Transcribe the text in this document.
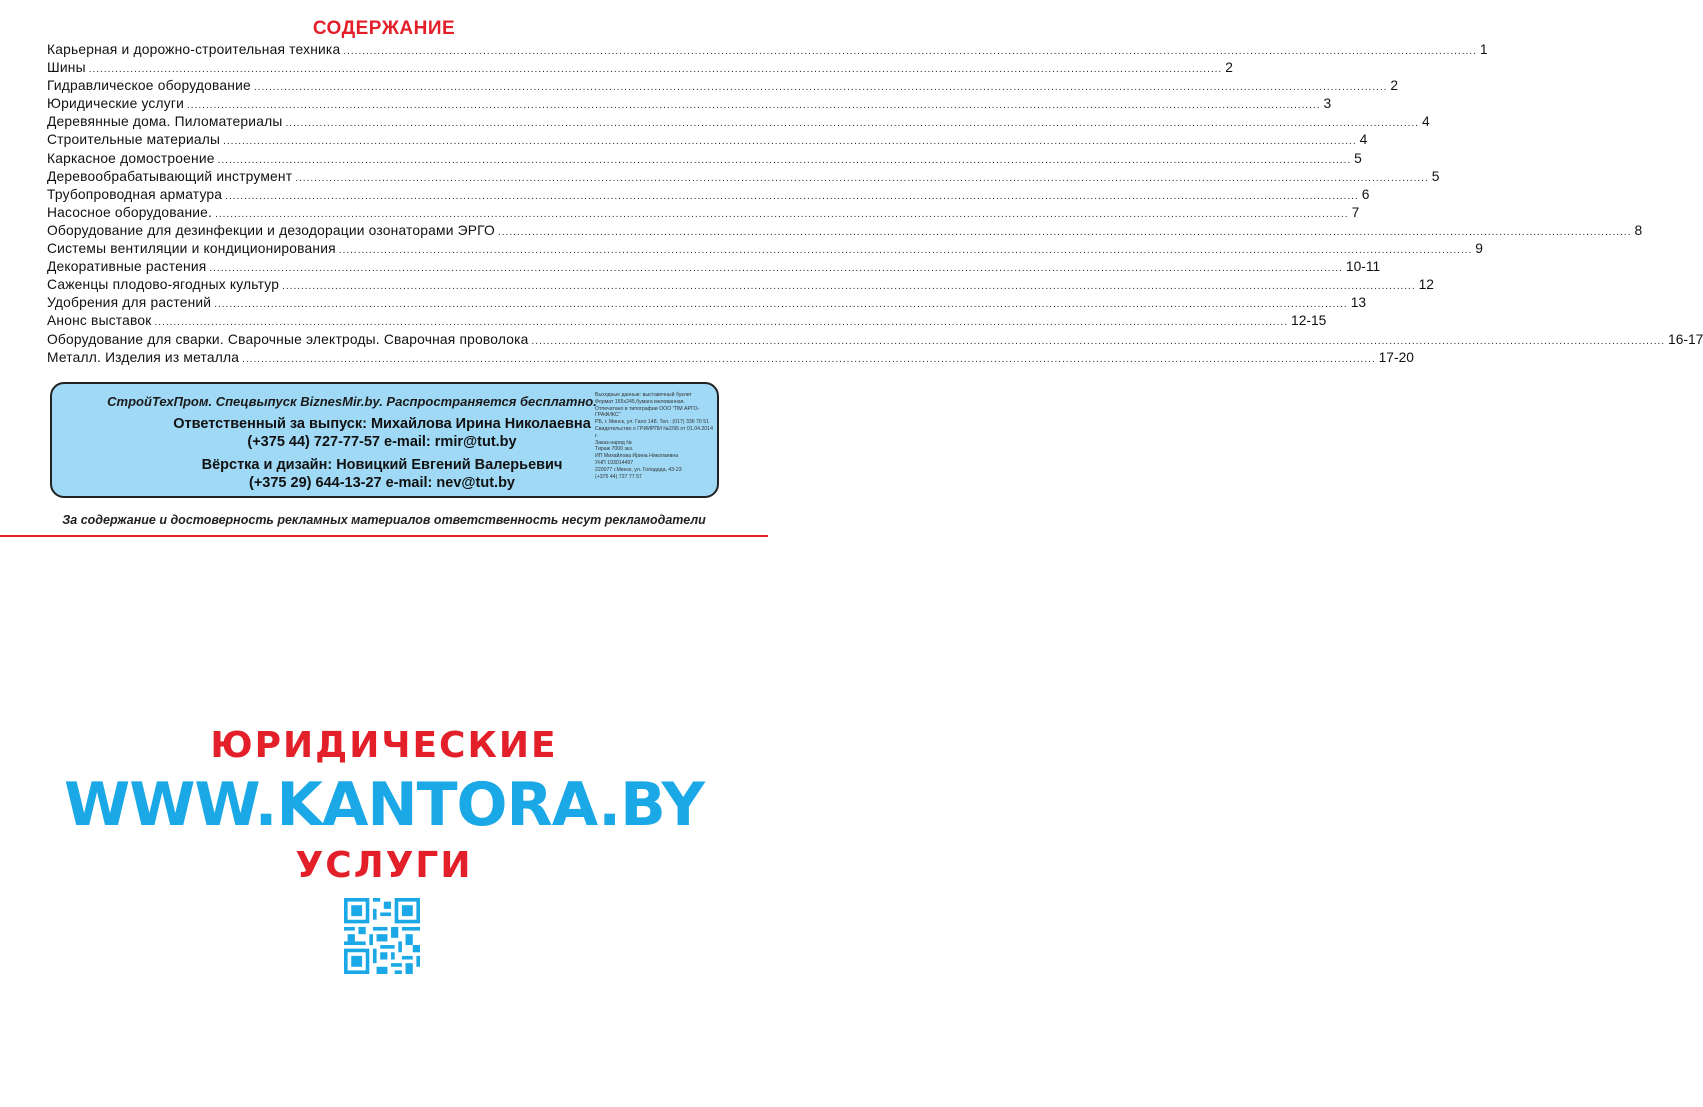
СОДЕРЖАНИЕ
Карьерная и дорожно-строительная техника ............................................................................................................................................................................................................................................................................................................ 1
Шины ............................................................................................................................................................................................................................................................................................................ 2
Гидравлическое оборудование ............................................................................................................................................................................................................................................................................................................ 2
Юридические услуги ............................................................................................................................................................................................................................................................................................................ 3
Деревянные дома. Пиломатериалы ............................................................................................................................................................................................................................................................................................................ 4
Строительные материалы ............................................................................................................................................................................................................................................................................................................ 4
Каркасное домостроение ............................................................................................................................................................................................................................................................................................................ 5
Деревообрабатывающий инструмент ............................................................................................................................................................................................................................................................................................................ 5
Трубопроводная арматура ............................................................................................................................................................................................................................................................................................................ 6
Насосное оборудование. ............................................................................................................................................................................................................................................................................................................ 7
Оборудование для дезинфекции и дезодорации озонаторами ЭРГО ............................................................................................................................................................................................................................................................................................................ 8
Системы вентиляции и кондиционирования ............................................................................................................................................................................................................................................................................................................ 9
Декоративные растения ............................................................................................................................................................................................................................................................................................................ 10-11
Саженцы плодово-ягодных культур ............................................................................................................................................................................................................................................................................................................ 12
Удобрения для растений ............................................................................................................................................................................................................................................................................................................ 13
Анонс выставок ............................................................................................................................................................................................................................................................................................................ 12-15
Оборудование для сварки. Сварочные электроды. Сварочная проволока ............................................................................................................................................................................................................................................................................................................ 16-17
Металл. Изделия из металла ............................................................................................................................................................................................................................................................................................................ 17-20
СтройТехПром. Спецвыпуск BiznesMir.by. Распространяется бесплатно.
Ответственный за выпуск: Михайлова Ирина Николаевна
(+375 44) 727-77-57 e-mail: rmir@tut.by
Вёрстка и дизайн: Новицкий Евгений Валерьевич
(+375 29) 644-13-27 e-mail: nev@tut.by
Выходные данные: выставочный буклет
Формат 165x245,бумага мелованная.
Отпечатано в типографии ООО "ПМ АРГО-ГРАФИКС"
РБ, г. Минск, ул. Гало 148. Тел.: (017) 336 70 51
Свидетельство о ГРИИРПИ №2/95 от 01.04.2014 г.
Заказ-наряд №
Тираж 7000 экз.
ИП Михайлова Ирина Николаевна
УНП 193014497
220077 г.Минск, ул. Голодеда, 43-23
(+375 44) 727 77 57
За содержание и достоверность рекламных материалов ответственность несут рекламодатели
ЮРИДИЧЕСКИЕ
WWW.KANTORA.BY
УСЛУГИ
